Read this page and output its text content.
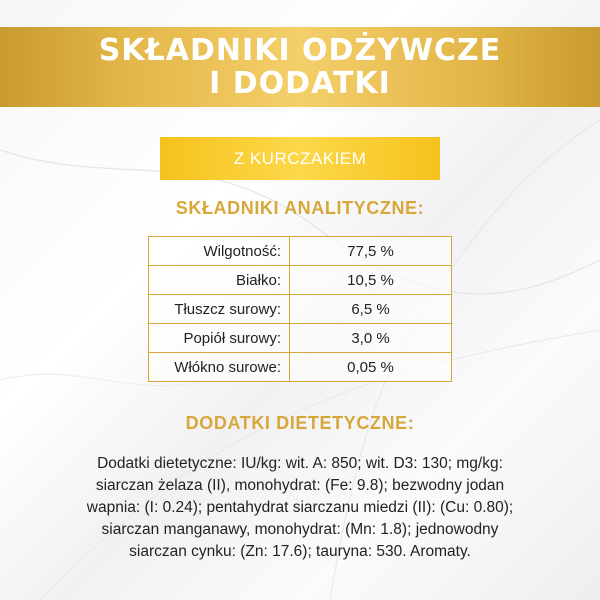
SKŁADNIKI ODŻYWCZE
I DODATKI
Z KURCZAKIEM
SKŁADNIKI ANALITYCZNE:
Wilgotność:	77,5 %
Białko:	10,5 %
Tłuszcz surowy:	6,5 %
Popiół surowy:	3,0 %
Włókno surowe:	0,05 %
DODATKI DIETETYCZNE:
Dodatki dietetyczne: IU/kg: wit. A: 850; wit. D3: 130; mg/kg:
siarczan żelaza (II), monohydrat: (Fe: 9.8); bezwodny jodan
wapnia: (I: 0.24); pentahydrat siarczanu miedzi (II): (Cu: 0.80);
siarczan manganawy, monohydrat: (Mn: 1.8); jednowodny
siarczan cynku: (Zn: 17.6); tauryna: 530. Aromaty.
